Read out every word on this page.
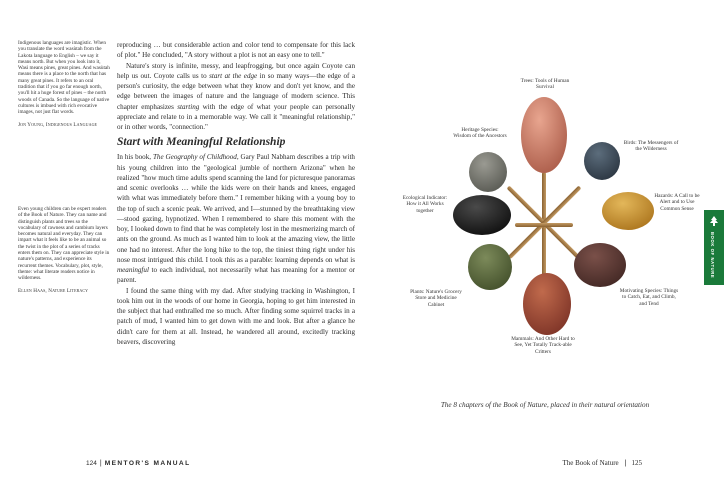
Indigenous languages are imagistic. When you translate the word wasùtah from the Lakota language to English – we say it means north. But when you look into it, Wasì means pines, great pines. And wasùtah means there is a place to the north that has many great pines. It refers to an oral tradition that if you go far enough north, you'll hit a huge forest of pines – the north woods of Canada. So the language of native cultures is imbued with rich evocative images, not just flat words.

Jon Young, Indigenous Language

Even young children can be expert readers of the Book of Nature. They can name and distinguish plants and trees so the vocabulary of rawness and cambium layers becomes natural and everyday. They can impart what it feels like to be an animal so the twist in the plot of a series of tracks enters them on. They can appreciate style in nature's patterns, and experience its recurrent themes. Vocabulary, plot, style, theme: what literate readers notice in wilderness.

Ellen Haas, Nature Literacy

reproducing … but considerable action and color tend to compensate for this lack of plot." He concluded, "A story without a plot is not an easy one to tell."

Nature's story is infinite, messy, and leapfrogging, but once again Coyote can help us out. Coyote calls us to start at the edge in so many ways—the edge of a person's curiosity, the edge between what they know and don't yet know, and the edge between the images of nature and the language of modern science. This chapter emphasizes starting with the edge of what your people can personally appreciate and relate to in a memorable way. We call it "meaningful relationship," or in other words, "connection."

Start with Meaningful Relationship

In his book, The Geography of Childhood, Gary Paul Nabham describes a trip with his young children into the "geological jumble of northern Arizona" when he realized "how much time adults spend scanning the land for picturesque panoramas and scenic overlooks … while the kids were on their hands and knees, engaged with what was immediately before them." I remember hiking with a young boy to the top of such a scenic peak. We arrived, and I—stunned by the breathtaking view—stood gazing, hypnotized. When I remembered to share this moment with the boy, I looked down to find that he was completely lost in the mesmerizing march of ants on the ground. As much as I wanted him to look at the amazing view, the little one had no interest. After the long hike to the top, the tiniest thing right under his nose most intrigued this child. I took this as a parable: learning depends on what is meaningful to each individual, not necessarily what has meaning for a mentor or parent.

I found the same thing with my dad. After studying tracking in Washington, I took him out in the woods of our home in Georgia, hoping to get him interested in the subject that had enthralled me so much. After finding some squirrel tracks in a patch of mud, I wanted him to get down with me and look. But after a glance he didn't care for them at all. Instead, he wandered all around, excitedly tracking beavers, discovering

Trees: Tools of Human Survival
Heritage Species: Wisdom of the Ancestors
Birds: The Messengers of the Wilderness
Ecological Indicator: How it All Works together
Hazards: A Call to be Alert and to Use Common Sense
Plants: Nature's Grocery Store and Medicine Cabinet
Motivating Species: Things to Catch, Eat, and Climb, and Tend
Mammals: And Other Hard to See, Yet Totally Track-able Critters
The 8 chapters of the Book of Nature, placed in their natural orientation
BOOK OF NATURE
124 | MENTOR'S MANUAL	The Book of Nature | 125
